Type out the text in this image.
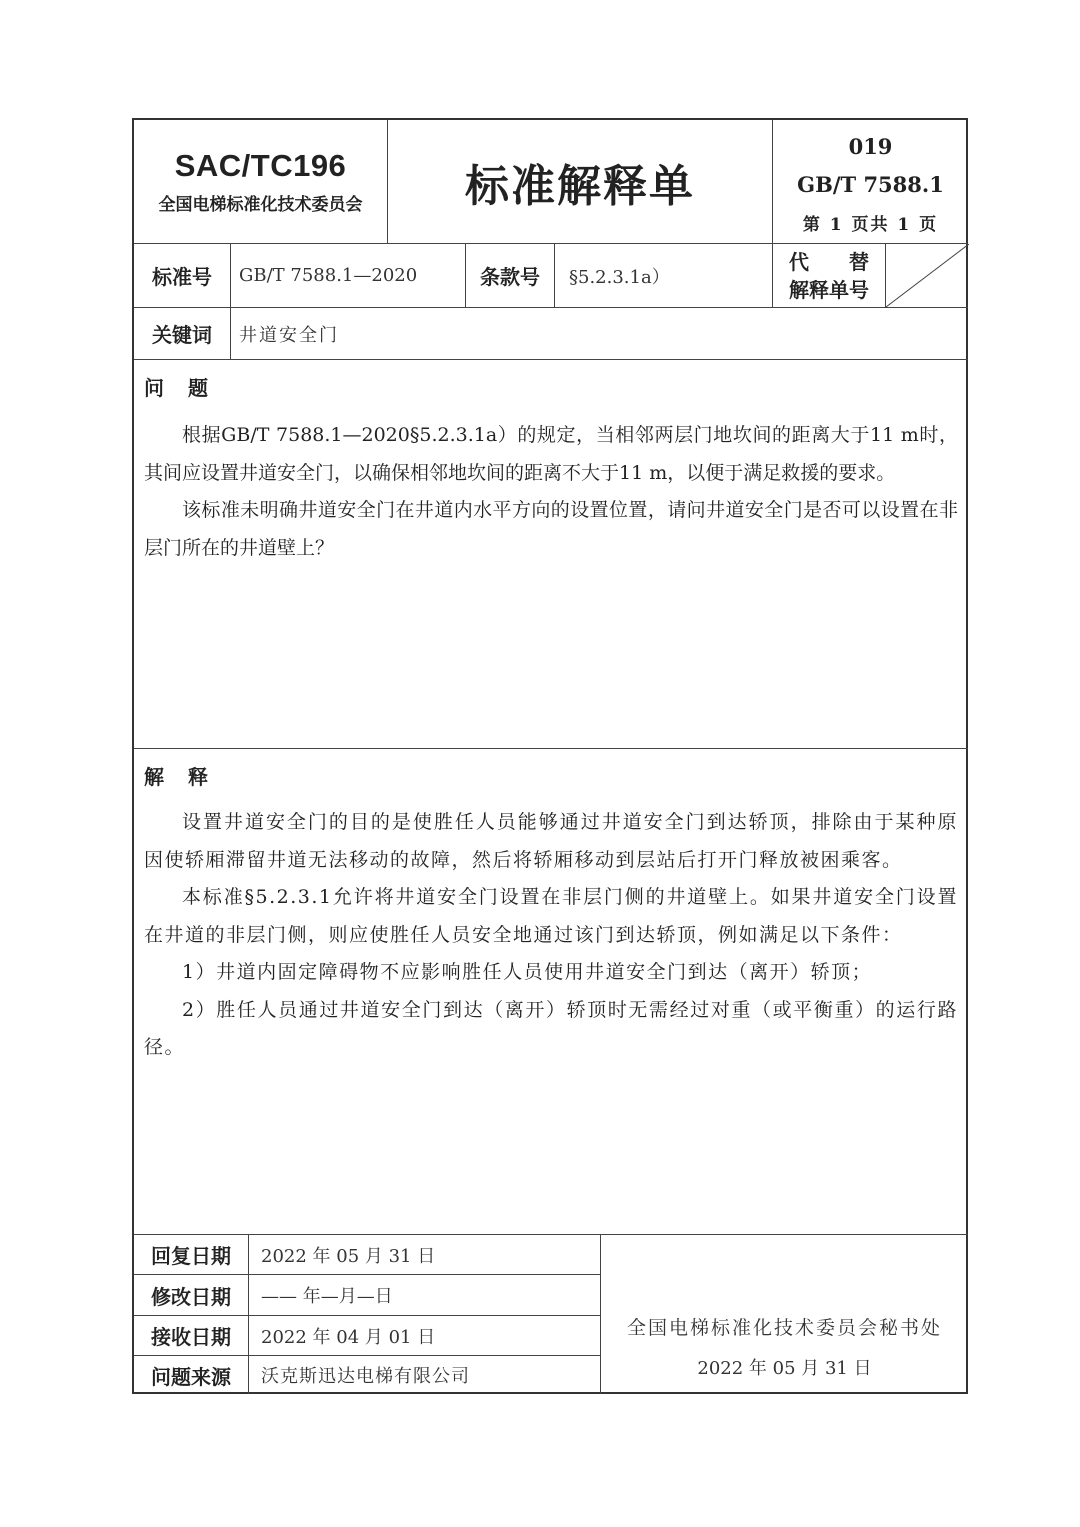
SAC/TC196
全国电梯标准化技术委员会 标准解释单
019
GB/T 7588.1
第 1 页共 1 页
标准号 GB/T 7588.1—2020	条款号 §5.2.3.1a）
代　　替
解释单号
关键词 井道安全门
问题

根据GB/T 7588.1—2020§5.2.3.1a）的规定，当相邻两层门地坎间的距离大于11 m时，其间应设置井道安全门，以确保相邻地坎间的距离不大于11 m，以便于满足救援的要求。

该标准未明确井道安全门在井道内水平方向的设置位置，请问井道安全门是否可以设置在非层门所在的井道壁上？

解释

设置井道安全门的目的是使胜任人员能够通过井道安全门到达轿顶，排除由于某种原因使轿厢滞留井道无法移动的故障，然后将轿厢移动到层站后打开门释放被困乘客。

本标准§5.2.3.1允许将井道安全门设置在非层门侧的井道壁上。如果井道安全门设置在井道的非层门侧，则应使胜任人员安全地通过该门到达轿顶，例如满足以下条件：

1）井道内固定障碍物不应影响胜任人员使用井道安全门到达（离开）轿顶；

2）胜任人员通过井道安全门到达（离开）轿顶时无需经过对重（或平衡重）的运行路径。

回复日期 2022 年 05 月 31 日
修改日期 —— 年—月—日
接收日期 2022 年 04 月 01 日
问题来源 沃克斯迅达电梯有限公司
全国电梯标准化技术委员会秘书处
2022 年 05 月 31 日
